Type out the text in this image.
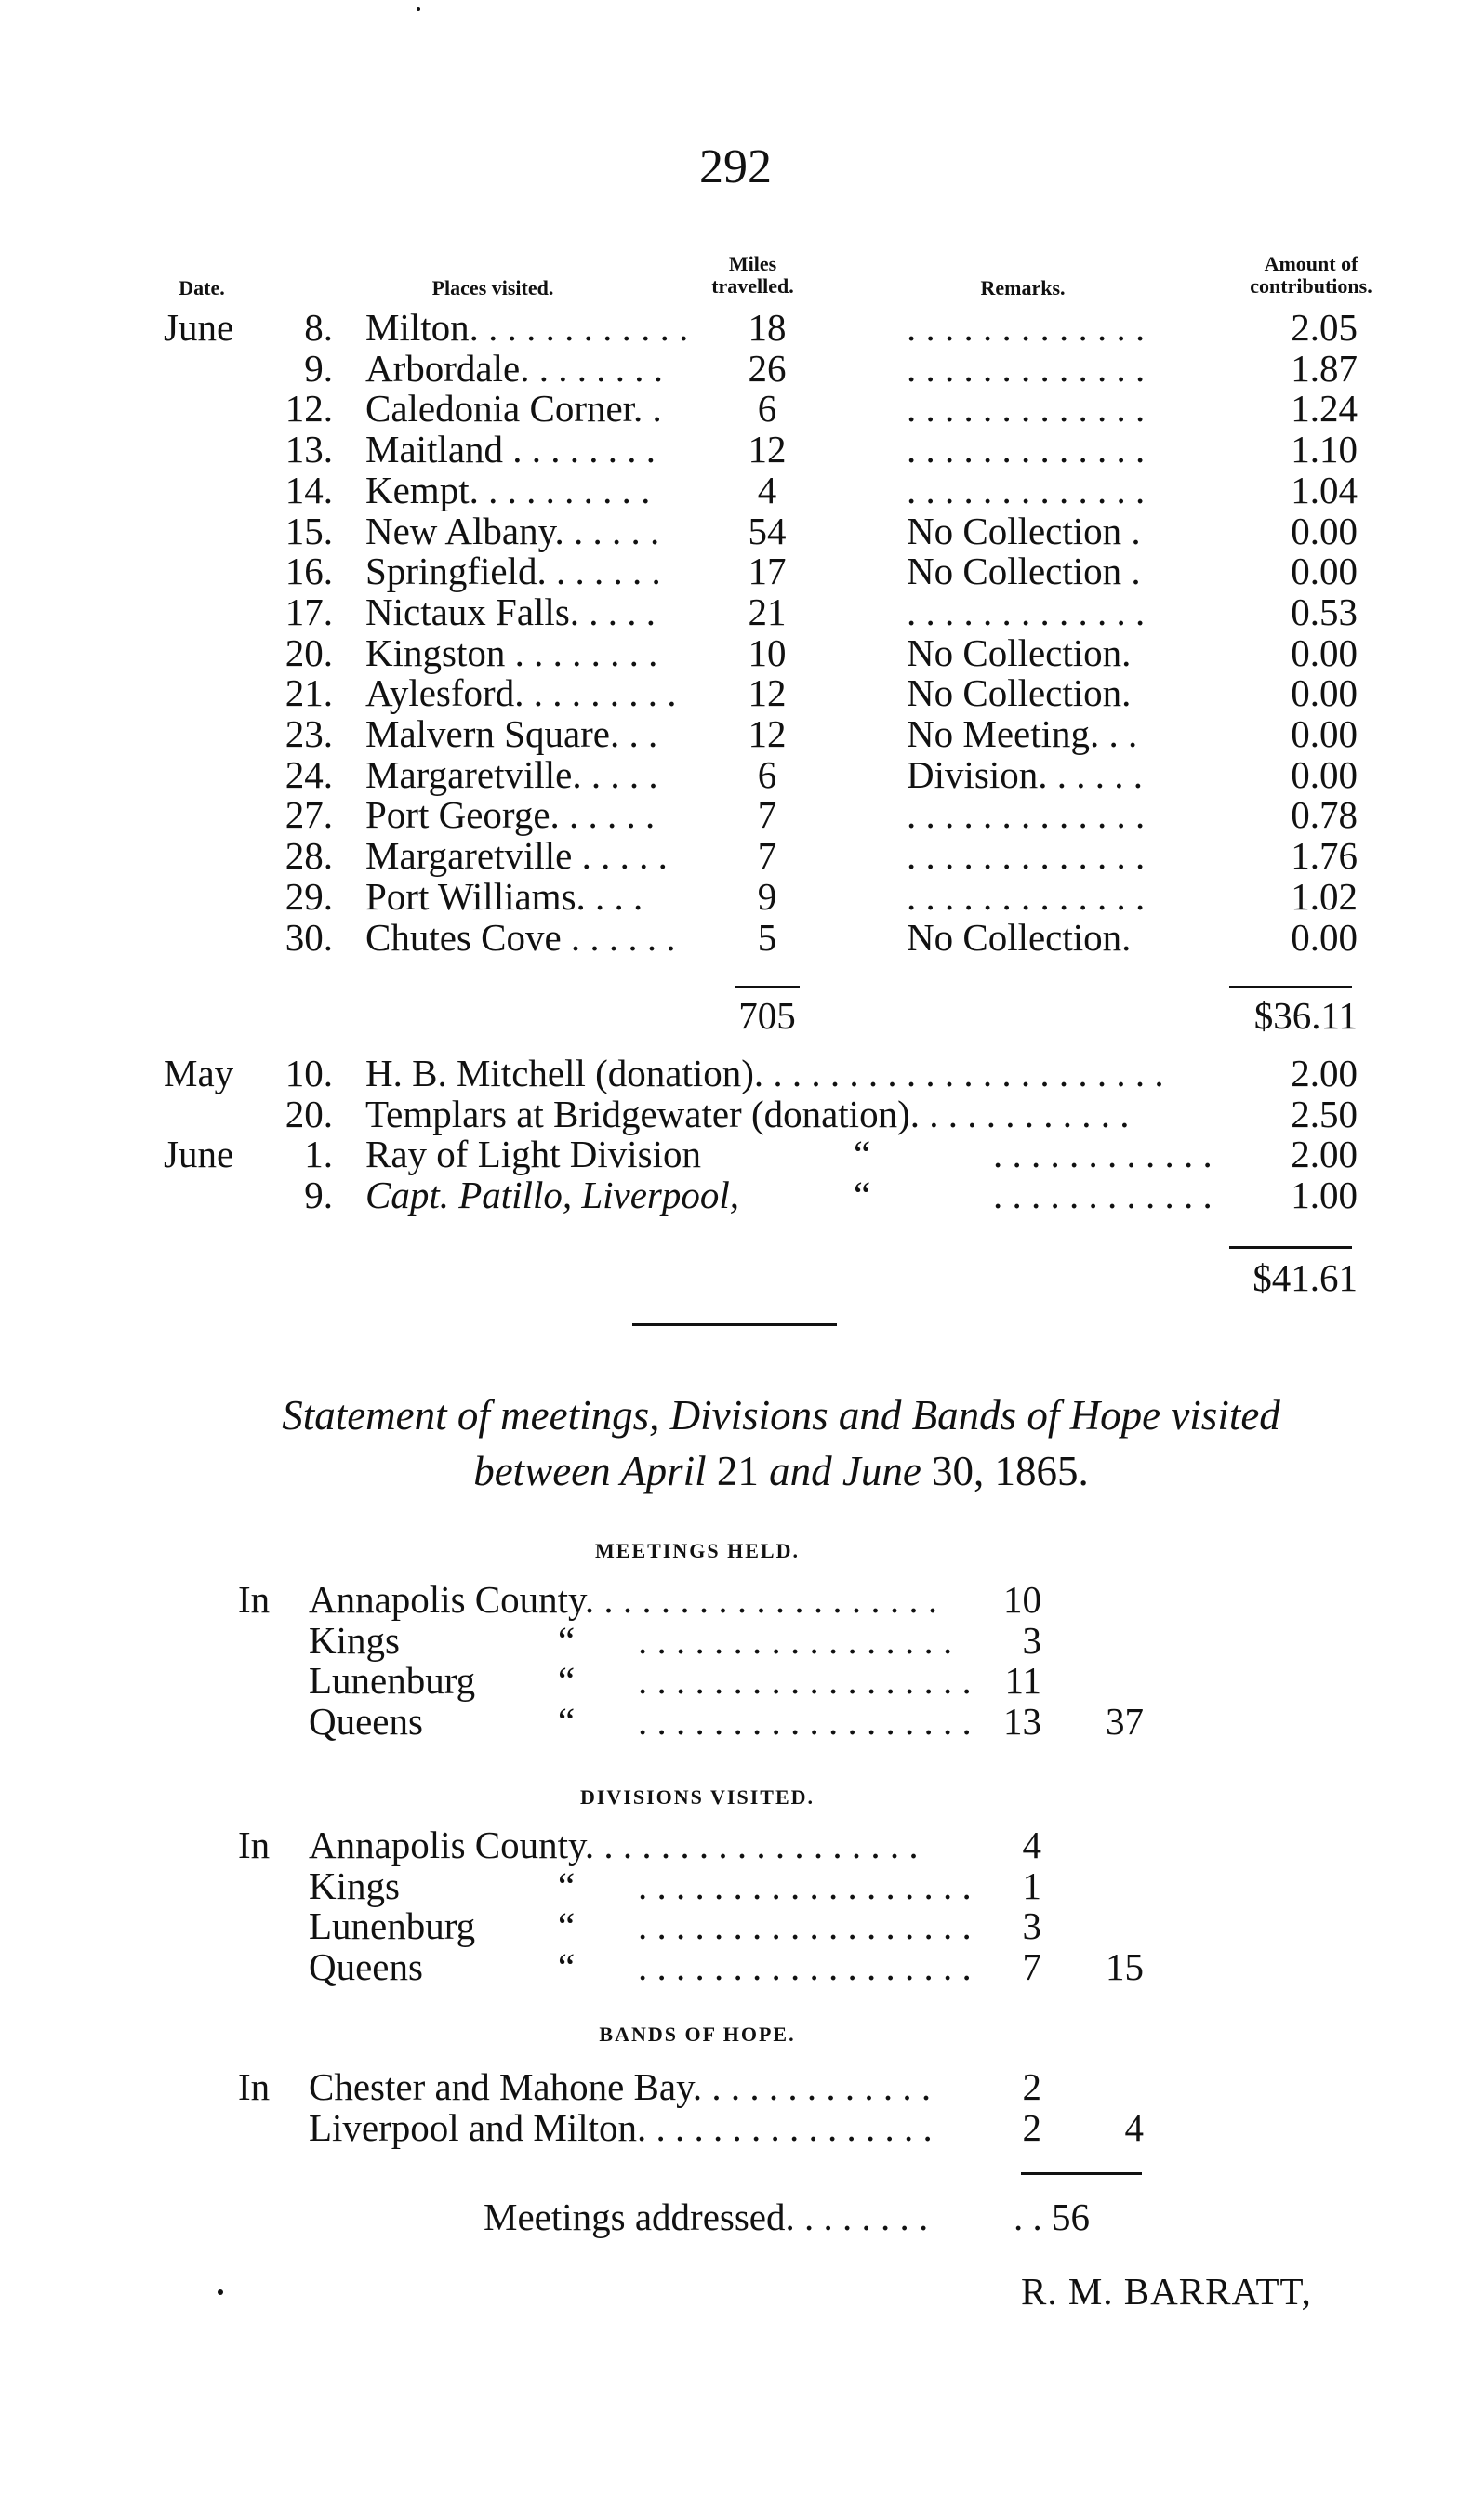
292
Date.	Places visited.
Miles travelled.	Remarks.
Amount of contributions.
June	8. Milton. . . . . . . . . . . .	18	. . . . . . . . . . . . .	2.05
9. Arbordale. . . . . . . .	26	. . . . . . . . . . . . .	1.87
12. Caledonia Corner. .	6	. . . . . . . . . . . . .	1.24
13. Maitland . . . . . . . .	12	. . . . . . . . . . . . .	1.10
14. Kempt. . . . . . . . . .	4	. . . . . . . . . . . . .	1.04
15. New Albany. . . . . .	54	No Collection .	0.00
16. Springfield. . . . . . .	17	No Collection .	0.00
17. Nictaux Falls. . . . .	21	. . . . . . . . . . . . .	0.53
20. Kingston . . . . . . . .	10	No Collection.	0.00
21. Aylesford. . . . . . . . .	12	No Collection.	0.00
23. Malvern Square. . .	12	No Meeting. . .	0.00
24. Margaretville. . . . .	6	Division. . . . . .	0.00
27. Port George. . . . . .	7	. . . . . . . . . . . . .	0.78
28. Margaretville . . . . .	7	. . . . . . . . . . . . .	1.76
29. Port Williams. . . .	9	. . . . . . . . . . . . .	1.02
30. Chutes Cove . . . . . .	5	No Collection.	0.00
705	$36.11
May	10. H. B. Mitchell (donation). . . . . . . . . . . . . . . . . . . . . .	2.00
20. Templars at Bridgewater (donation). . . . . . . . . . . .	2.50
June	1. Ray of Light Division	“	. . . . . . . . . . . .	2.00
9. Capt. Patillo, Liverpool,	“	. . . . . . . . . . . .	1.00
$41.61
Statement of meetings, Divisions and Bands of Hope visited
between April 21 and June 30, 1865.
MEETINGS HELD.
In Annapolis County. . . . . . . . . . . . . . . . . . .	10
Kings	“ . . . . . . . . . . . . . . . . .	3
Lunenburg “ . . . . . . . . . . . . . . . . . . 11
Queens	“ . . . . . . . . . . . . . . . . . . 13	37
DIVISIONS VISITED.
In Annapolis County. . . . . . . . . . . . . . . . . .	4
Kings	“ . . . . . . . . . . . . . . . . . .	1
Lunenburg “ . . . . . . . . . . . . . . . . . .	3
Queens	“ . . . . . . . . . . . . . . . . . .	7	15
BANDS OF HOPE.
In Chester and Mahone Bay. . . . . . . . . . . . .	2
Liverpool and Milton. . . . . . . . . . . . . . . .	2	4
Meetings addressed. . . . . . . . . . 56
R. M. BARRATT,
